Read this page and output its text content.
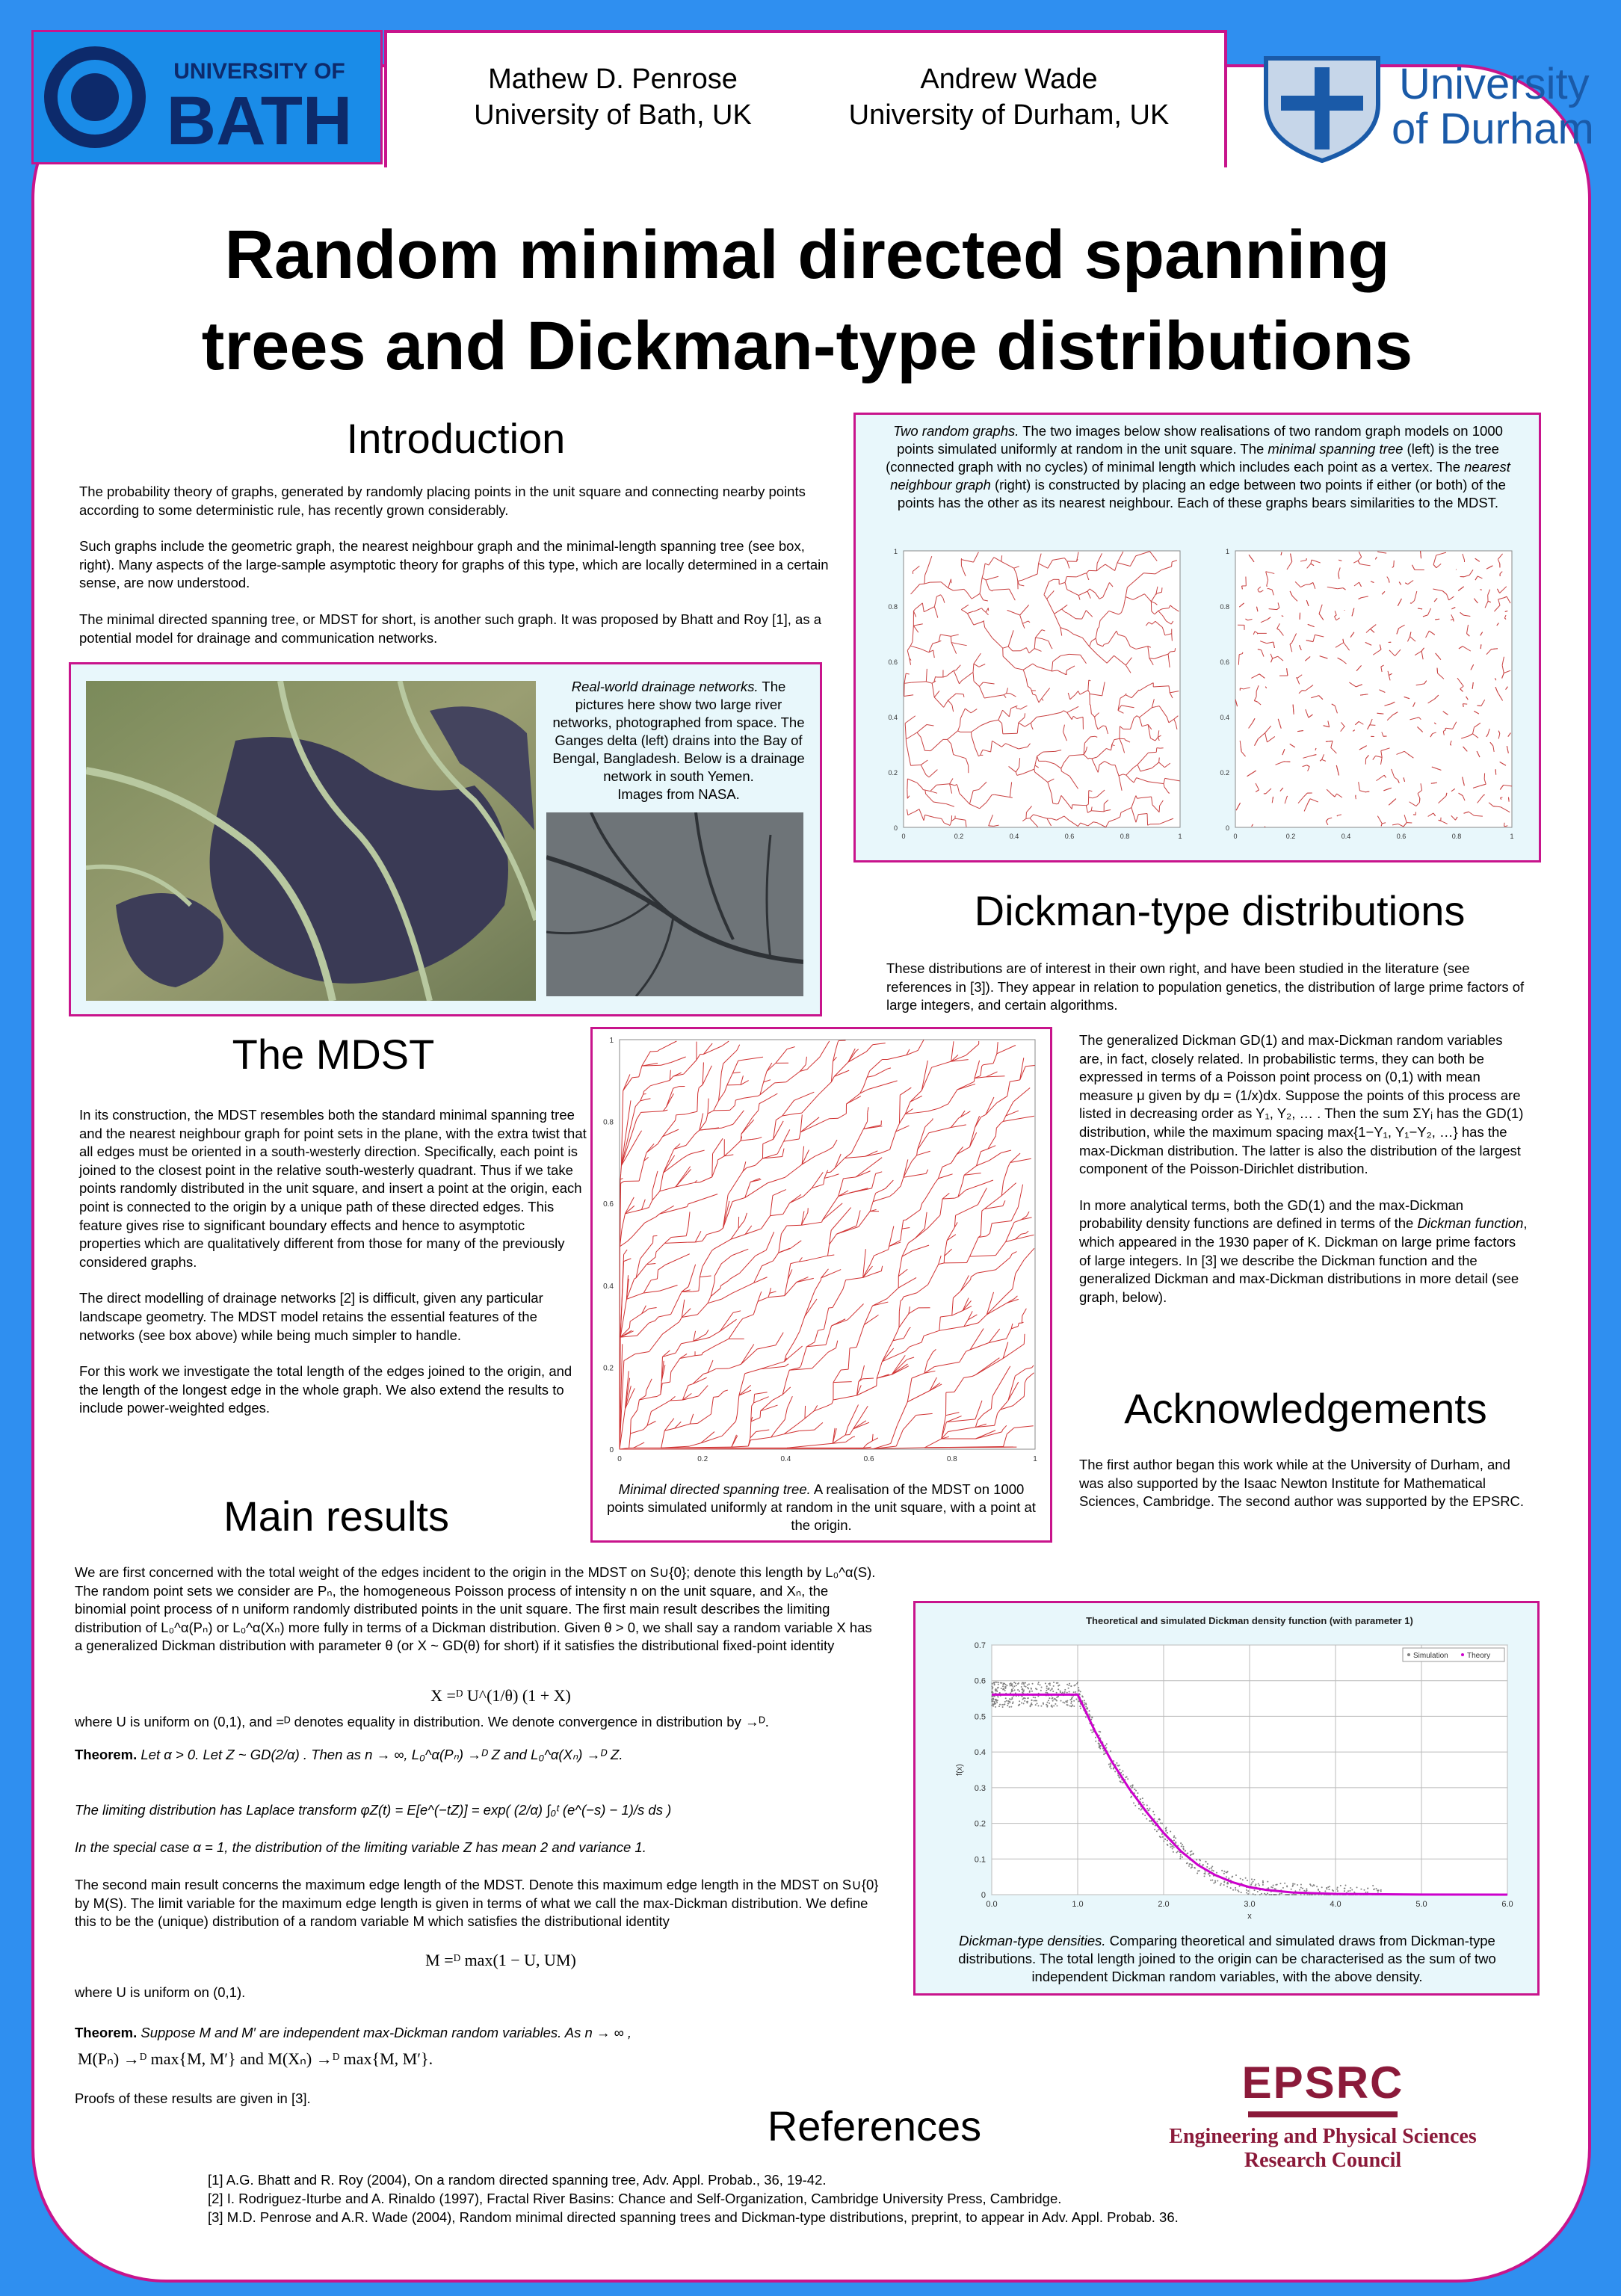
UNIVERSITY OF
BATH	University
of Durham
Mathew D. Penrose
University of Bath, UK
Andrew Wade
University of Durham, UK
Random minimal directed spanning
trees and Dickman-type distributions
Introduction

The probability theory of graphs, generated by randomly placing points in the unit square and connecting nearby points according to some deterministic rule, has recently grown considerably.

Such graphs include the geometric graph, the nearest neighbour graph and the minimal-length spanning tree (see box, right). Many aspects of the large-sample asymptotic theory for graphs of this type, which are locally determined in a certain sense, are now understood.

The minimal directed spanning tree, or MDST for short, is another such graph. It was proposed by Bhatt and Roy [1], as a potential model for drainage and communication networks.

Real-world drainage networks. The pictures here show two large river networks, photographed from space. The Ganges delta (left) drains into the Bay of Bengal, Bangladesh. Below is a drainage network in south Yemen.
Images from NASA.
Two random graphs. The two images below show realisations of two random graph models on 1000 points simulated uniformly at random in the unit square. The minimal spanning tree (left) is the tree (connected graph with no cycles) of minimal length which includes each point as a vertex. The nearest neighbour graph (right) is constructed by placing an edge between two points if either (or both) of the points has the other as its nearest neighbour. Each of these graphs bears similarities to the MDST.
0	0.2	0.4	0.6	0.8	1
0
0.2
0.4
0.6
0.8
1
0	0.2	0.4	0.6	0.8	1
0
0.2
0.4
0.6
0.8
1
The MDST

In its construction, the MDST resembles both the standard minimal spanning tree and the nearest neighbour graph for point sets in the plane, with the extra twist that all edges must be oriented in a south-westerly direction. Specifically, each point is joined to the closest point in the relative south-westerly quadrant. Thus if we take points randomly distributed in the unit square, and insert a point at the origin, each point is connected to the origin by a unique path of these directed edges. This feature gives rise to significant boundary effects and hence to asymptotic properties which are qualitatively different from those for many of the previously considered graphs.

The direct modelling of drainage networks [2] is difficult, given any particular landscape geometry. The MDST model retains the essential features of the networks (see box above) while being much simpler to handle.

For this work we investigate the total length of the edges joined to the origin, and the length of the longest edge in the whole graph. We also extend the results to include power-weighted edges.

0	0.2	0.4	0.6	0.8	1
0
0.2
0.4
0.6
0.8
1
Minimal directed spanning tree. A realisation of the MDST on 1000 points simulated uniformly at random in the unit square, with a point at the origin.
Dickman-type distributions
These distributions are of interest in their own right, and have been studied in the literature (see references in [3]). They appear in relation to population genetics, the distribution of large prime factors of large integers, and certain algorithms.

The generalized Dickman GD(1) and max-Dickman random variables are, in fact, closely related. In probabilistic terms, they can both be expressed in terms of a Poisson point process on (0,1) with mean measure μ given by dμ = (1/x)dx. Suppose the points of this process are listed in decreasing order as Y₁, Y₂, … . Then the sum ΣYᵢ has the GD(1) distribution, while the maximum spacing max{1−Y₁, Y₁−Y₂, …} has the max-Dickman distribution. The latter is also the distribution of the largest component of the Poisson-Dirichlet distribution.

In more analytical terms, both the GD(1) and the max-Dickman probability density functions are defined in terms of the Dickman function, which appeared in the 1930 paper of K. Dickman on large prime factors of large integers. In [3] we describe the Dickman function and the generalized Dickman and max-Dickman distributions in more detail (see graph, below).

Acknowledgements
The first author began this work while at the University of Durham, and was also supported by the Isaac Newton Institute for Mathematical Sciences, Cambridge. The second author was supported by the EPSRC.
Main results
We are first concerned with the total weight of the edges incident to the origin in the MDST on S∪{0}; denote this length by L₀^α(S). The random point sets we consider are Pₙ, the homogeneous Poisson process of intensity n on the unit square, and Xₙ, the binomial point process of n uniform randomly distributed points in the unit square. The first main result describes the limiting distribution of L₀^α(Pₙ) or L₀^α(Xₙ) more fully in terms of a Dickman distribution. Given θ > 0, we shall say a random variable X has a generalized Dickman distribution with parameter θ (or X ~ GD(θ) for short) if it satisfies the distributional fixed-point identity
X =ᴰ U^(1/θ) (1 + X)
where U is uniform on (0,1), and =ᴰ denotes equality in distribution. We denote convergence in distribution by →ᴰ.
Theorem. Let α > 0. Let Z ~ GD(2/α) . Then as n → ∞, L₀^α(Pₙ) →ᴰ Z and L₀^α(Xₙ) →ᴰ Z.
The limiting distribution has Laplace transform φZ(t) = E[e^(−tZ)] = exp( (2/α) ∫₀ᵗ (e^(−s) − 1)/s ds )
In the special case α = 1, the distribution of the limiting variable Z has mean 2 and variance 1.
The second main result concerns the maximum edge length of the MDST. Denote this maximum edge length in the MDST on S∪{0} by M(S). The limit variable for the maximum edge length is given in terms of what we call the max-Dickman distribution. We define this to be the (unique) distribution of a random variable M which satisfies the distributional identity
M =ᴰ max(1 − U, UM)
where U is uniform on (0,1).
Theorem. Suppose M and M′ are independent max-Dickman random variables. As n → ∞ ,
M(Pₙ) →ᴰ max{M, M′} and M(Xₙ) →ᴰ max{M, M′}.
Proofs of these results are given in [3].
Theoretical and simulated Dickman density function (with parameter 1)
0.0	1.0	2.0	3.0	4.0	5.0	6.0
0
0.1
0.2
0.3
0.4
0.5
0.6
0.7
x
f(x)
Simulation	Theory
Dickman-type densities. Comparing theoretical and simulated draws from Dickman-type distributions. The total length joined to the origin can be characterised as the sum of two independent Dickman random variables, with the above density.
EPSRC
Engineering and Physical Sciences
Research Council
References
[1] A.G. Bhatt and R. Roy (2004), On a random directed spanning tree, Adv. Appl. Probab., 36, 19-42.
[2] I. Rodriguez-Iturbe and A. Rinaldo (1997), Fractal River Basins: Chance and Self-Organization, Cambridge University Press, Cambridge.
[3] M.D. Penrose and A.R. Wade (2004), Random minimal directed spanning trees and Dickman-type distributions, preprint, to appear in Adv. Appl. Probab. 36.
